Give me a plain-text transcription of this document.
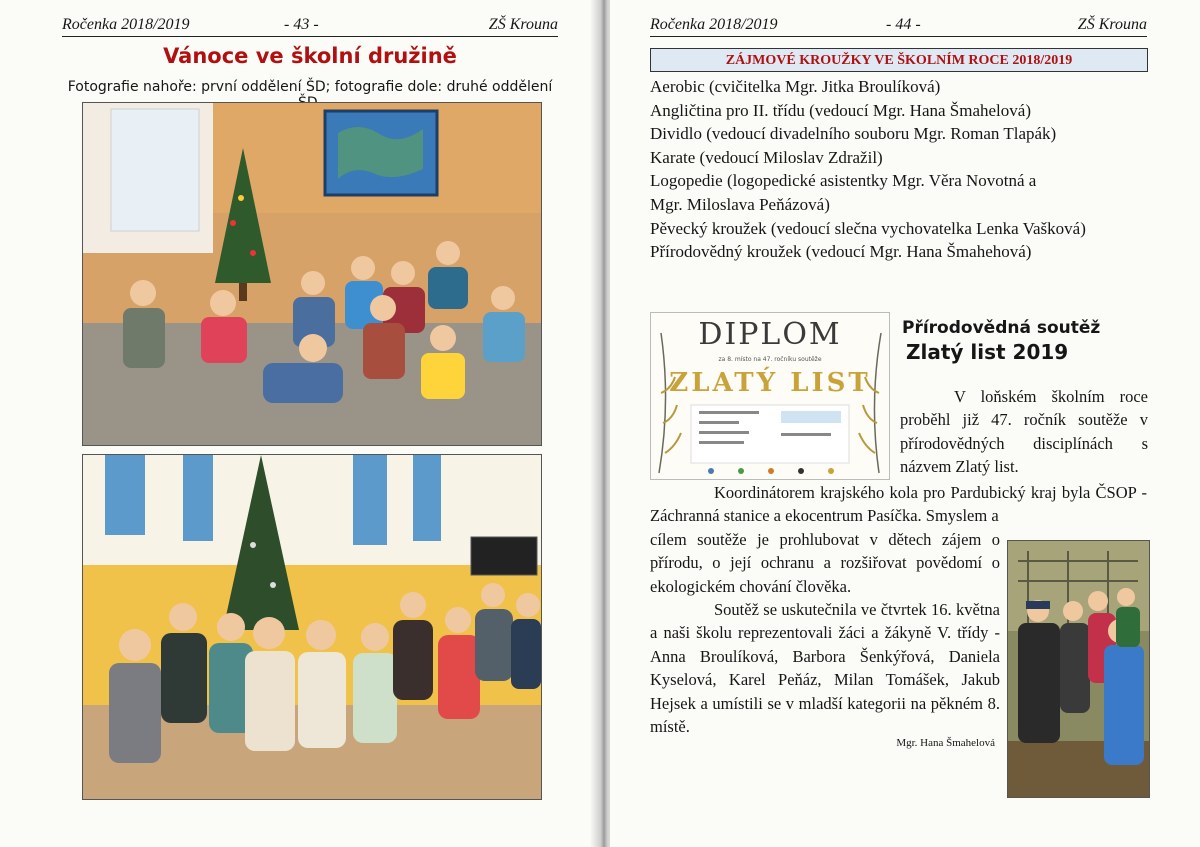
Ročenka 2018/2019	- 43 -	ZŠ Krouna
Vánoce ve školní družině
Fotografie nahoře: první oddělení ŠD; fotografie dole: druhé oddělení
Ročenka 2018/2019	- 44 -	ZŠ Krouna
ZÁJMOVÉ KROUŽKY VE ŠKOLNÍM ROCE 2018/2019
Aerobic (cvičitelka Mgr. Jitka Broulíková)
Angličtina pro II. třídu (vedoucí Mgr. Hana Šmahelová)
Dividlo (vedoucí divadelního souboru Mgr. Roman Tlapák)
Karate (vedoucí Miloslav Zdražil)
Logopedie (logopedické asistentky Mgr. Věra Novotná a
Mgr. Miloslava Peňázová)
Pěvecký kroužek (vedoucí slečna vychovatelka Lenka Vašková)
Přírodovědný kroužek (vedoucí Mgr. Hana Šmahehová)
DIPLOM
za 8. místo na 47. ročníku soutěže
ZLATÝ LIST
Přírodovědná soutěž
Zlatý list 2019

V loňském školním roce proběhl již 47. ročník soutěže v přírodovědných disciplínách s názvem Zlatý list.

Koordinátorem krajského kola pro Pardubický kraj byla ČSOP - Záchranná stanice a ekocentrum Pasíčka. Smyslem a

cílem soutěže je prohlubovat v dětech zájem o přírodu, o její ochranu a rozšiřovat povědomí o ekologickém chování člověka.

Soutěž se uskutečnila ve čtvrtek 16. května a naši školu reprezentovali žáci a žákyně V. třídy - Anna Broulíková, Barbora Šenkýřová, Daniela Kyselová, Karel Peňáz, Milan Tomášek, Jakub Hejsek a umístili se v mladší kategorii na pěkném 8. místě.

Mgr. Hana Šmahelová
